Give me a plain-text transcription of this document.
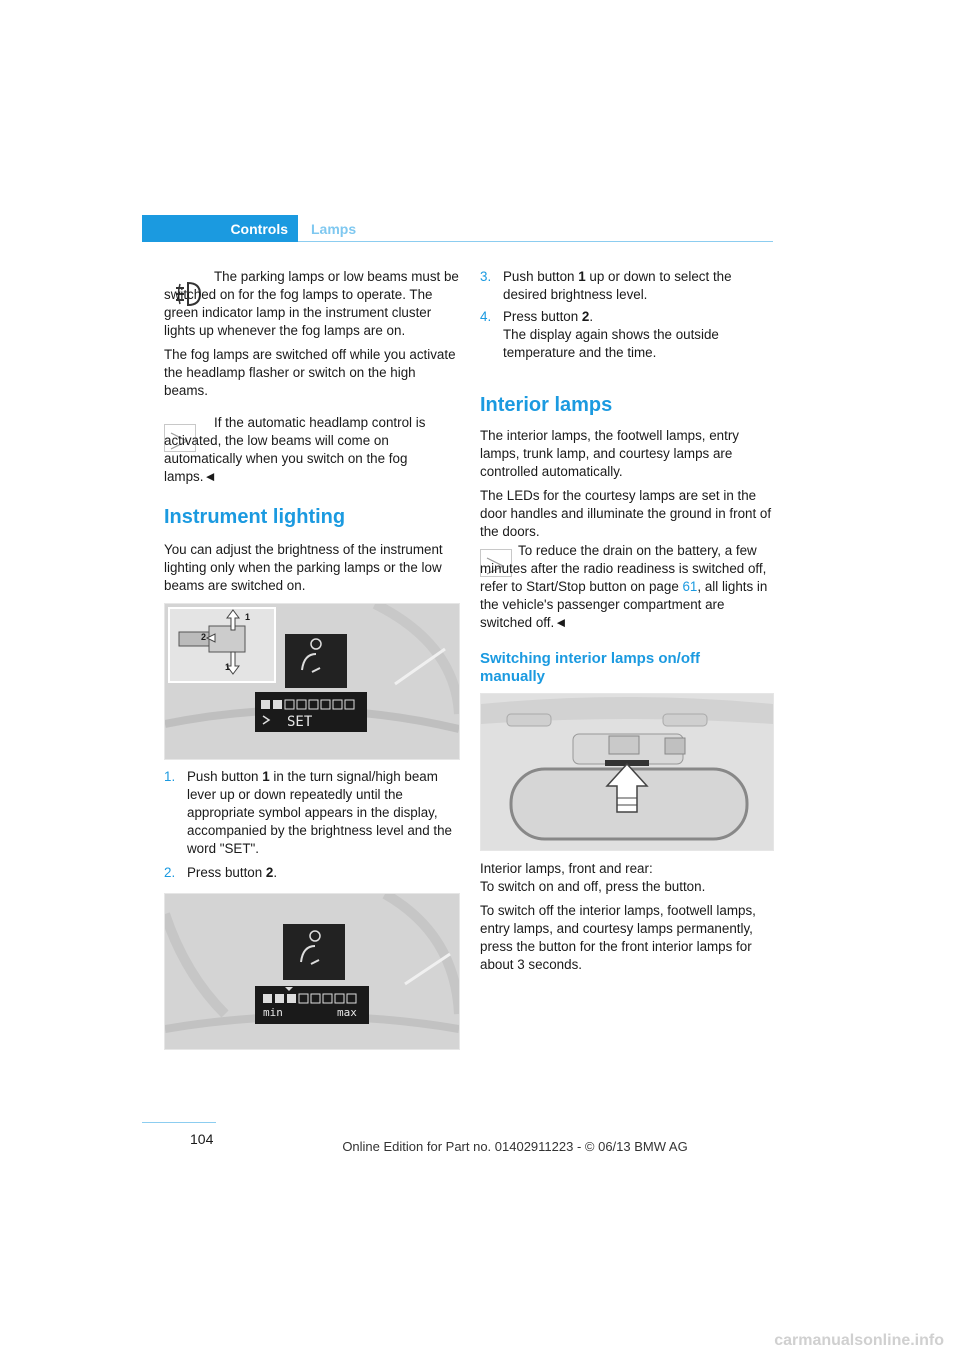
Controls Lamps

The parking lamps or low beams must be switched on for the fog lamps to operate. The green indicator lamp in the instrument cluster lights up whenever the fog lamps are on.

The fog lamps are switched off while you activate the headlamp flasher or switch on the high beams.

If the automatic headlamp control is activated, the low beams will come on automatically when you switch on the fog lamps.◄

Instrument lighting

You can adjust the brightness of the instrument lighting only when the parking lamps or the low beams are switched on.

SET
1
2
1
1. Push button 1 in the turn signal/high beam lever up or down repeatedly until the appropriate symbol appears in the display, accompanied by the brightness level and the word "SET".
2. Press button 2.
min	max
3. Push button 1 up or down to select the desired brightness level.
4. Press button 2.
The display again shows the outside temperature and the time.

Interior lamps

The interior lamps, the footwell lamps, entry lamps, trunk lamp, and courtesy lamps are controlled automatically.

The LEDs for the courtesy lamps are set in the door handles and illuminate the ground in front of the doors.

To reduce the drain on the battery, a few minutes after the radio readiness is switched off, refer to Start/Stop button on page 61, all lights in the vehicle's passenger compartment are switched off.◄

Switching interior lamps on/off manually

Interior lamps, front and rear:

To switch on and off, press the button.

To switch off the interior lamps, footwell lamps, entry lamps, and courtesy lamps permanently, press the button for the front interior lamps for about 3 seconds.

104	Online Edition for Part no. 01402911223 - © 06/13 BMW AG
carmanualsonline.info
